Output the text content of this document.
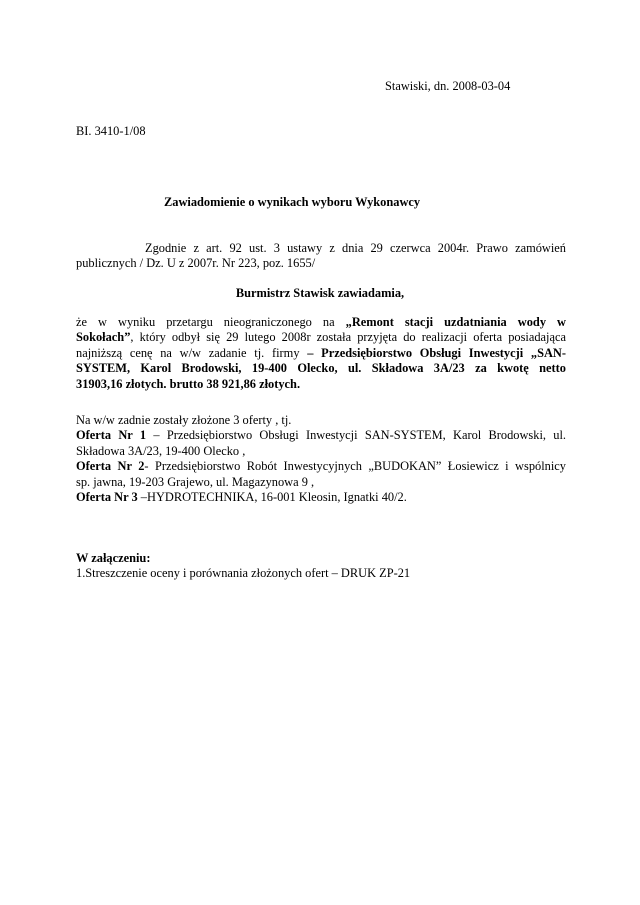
Stawiski, dn. 2008-03-04
BI. 3410-1/08
Zawiadomienie o wynikach wyboru Wykonawcy
Zgodnie z art. 92 ust. 3 ustawy z dnia 29 czerwca 2004r. Prawo zamówień
publicznych / Dz. U z 2007r. Nr 223, poz. 1655/
Burmistrz Stawisk zawiadamia,
że w wyniku przetargu nieograniczonego na „Remont stacji uzdatniania wody w
Sokołach”, który odbył się 29 lutego 2008r została przyjęta do realizacji oferta posiadająca
najniższą cenę na w/w zadanie tj. firmy – Przedsiębiorstwo Obsługi Inwestycji „SAN-
SYSTEM, Karol Brodowski, 19-400 Olecko, ul. Składowa 3A/23 za kwotę netto
31903,16 złotych. brutto 38 921,86 złotych.
Na w/w zadnie zostały złożone 3 oferty , tj.
Oferta Nr 1 – Przedsiębiorstwo Obsługi Inwestycji SAN-SYSTEM, Karol Brodowski, ul.
Składowa 3A/23, 19-400 Olecko ,
Oferta Nr 2- Przedsiębiorstwo Robót Inwestycyjnych „BUDOKAN” Łosiewicz i wspólnicy
sp. jawna, 19-203 Grajewo, ul. Magazynowa 9 ,
Oferta Nr 3 –HYDROTECHNIKA, 16-001 Kleosin, Ignatki 40/2.
W załączeniu:
1.Streszczenie oceny i porównania złożonych ofert – DRUK ZP-21
